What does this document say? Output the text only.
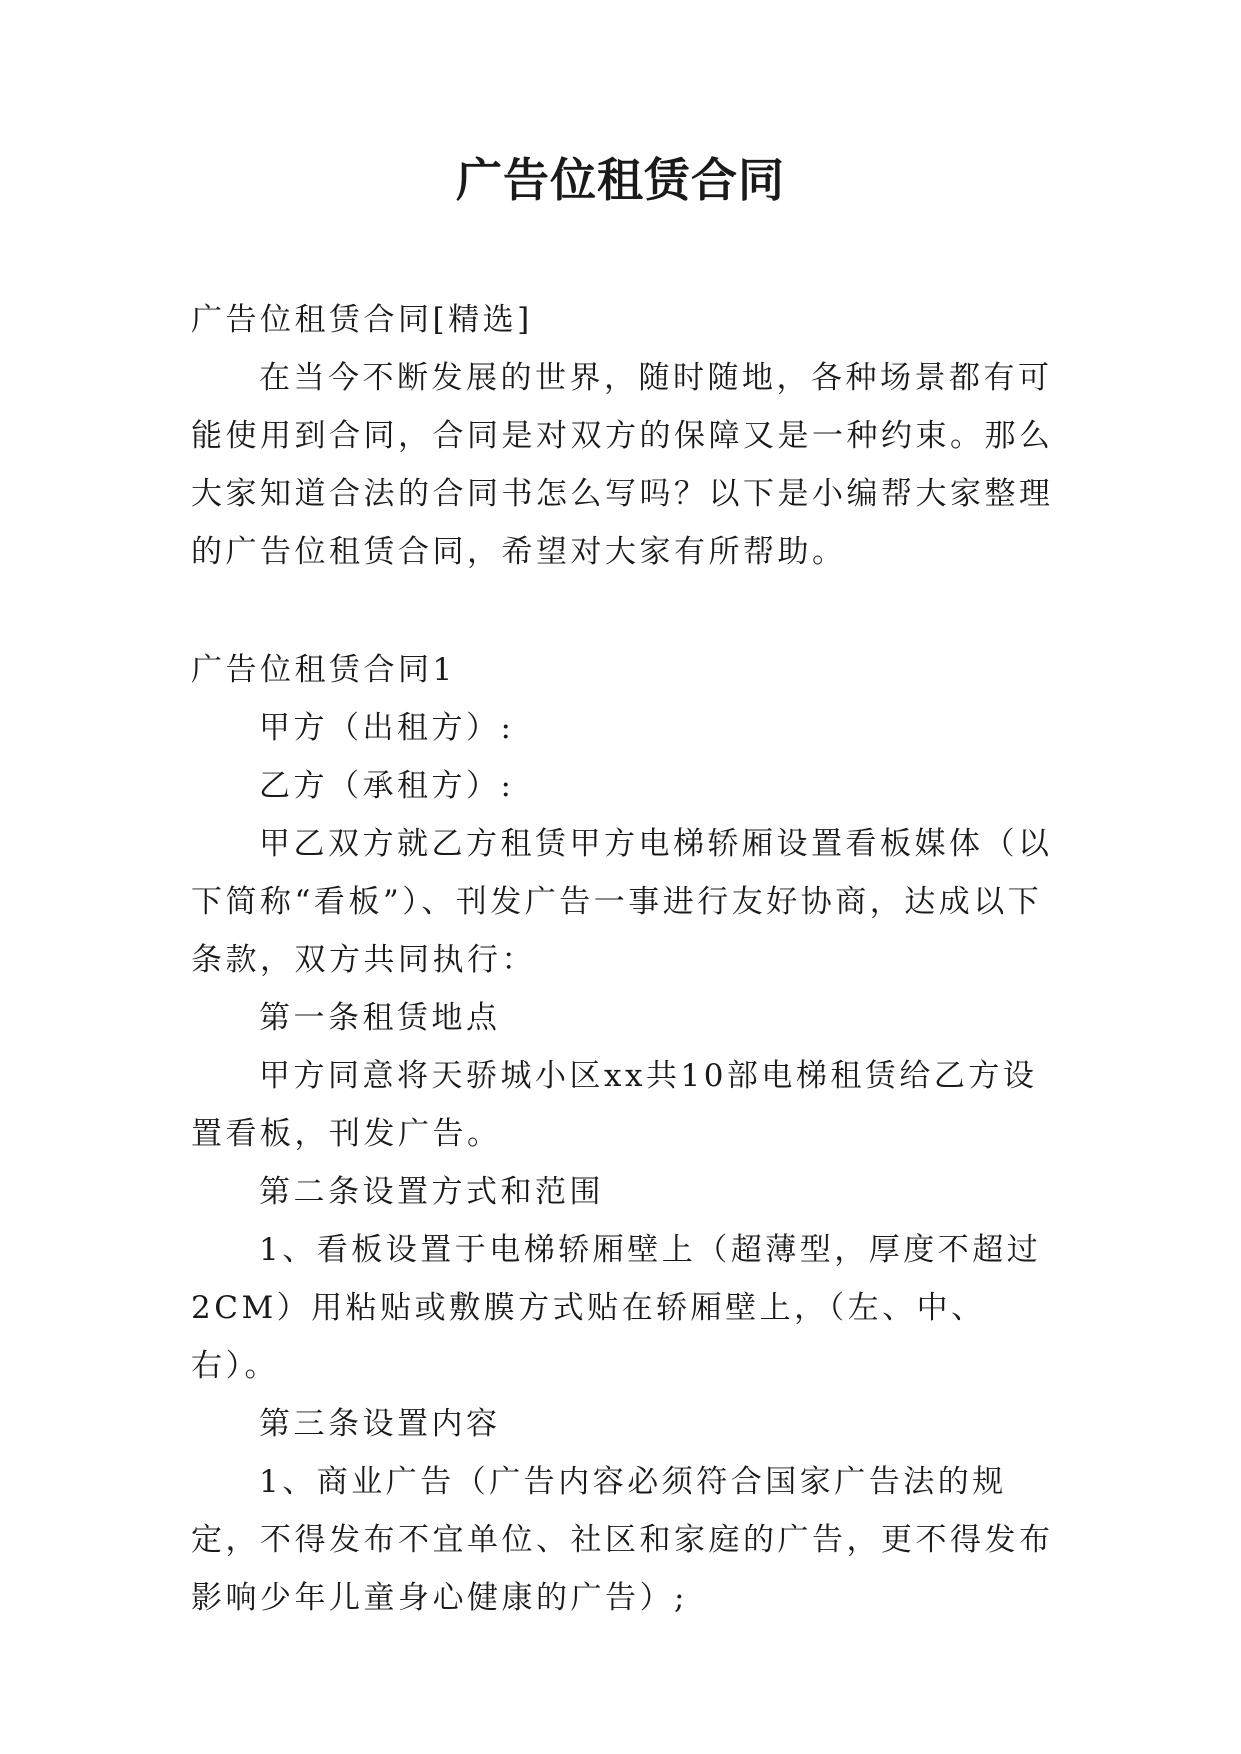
广告位租赁合同

广告位租赁合同[精选]

在当今不断发展的世界，随时随地，各种场景都有可能使用到合同，合同是对双方的保障又是一种约束。那么大家知道合法的合同书怎么写吗？以下是小编帮大家整理的广告位租赁合同，希望对大家有所帮助。

广告位租赁合同1

甲方（出租方）:

乙方（承租方）:

甲乙双方就乙方租赁甲方电梯轿厢设置看板媒体（以下简称“看板”）、刊发广告一事进行友好协商，达成以下条款，双方共同执行：

第一条租赁地点

甲方同意将天骄城小区xx共10部电梯租赁给乙方设置看板，刊发广告。

第二条设置方式和范围

1、看板设置于电梯轿厢壁上（超薄型，厚度不超过2CM）用粘贴或敷膜方式贴在轿厢壁上，（左、中、右）。

第三条设置内容

1、商业广告（广告内容必须符合国家广告法的规定，不得发布不宜单位、社区和家庭的广告，更不得发布影响少年儿童身心健康的广告）;
